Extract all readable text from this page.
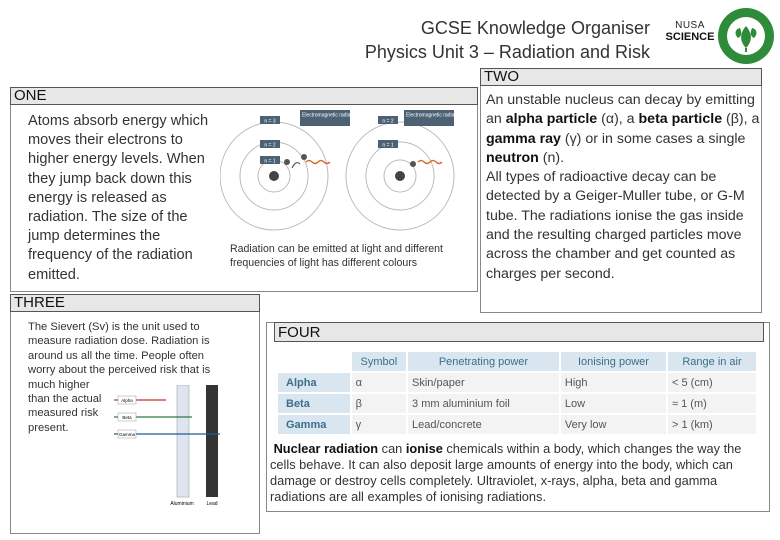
GCSE Knowledge Organiser
Physics Unit 3 – Radiation and Risk
NUSA
SCIENCE
ONE
Atoms absorb energy which moves their electrons to higher energy levels. When they jump back down this energy is released as radiation. The size of the jump determines the frequency of the radiation emitted.
n = 3
n = 2
n = 1
Electromagnetic radiation
n = 2
n = 1
Electromagnetic radiation
Radiation can be emitted at light and different frequencies of light has different colours
TWO
An unstable nucleus can decay by emitting an alpha particle (α), a beta particle (β), a gamma ray (γ) or in some cases a single neutron (n).
All types of radioactive decay can be detected by a Geiger-Muller tube, or G-M tube. The radiations ionise the gas inside and the resulting charged particles move across the chamber and get counted as charges per second.
THREE
The Sievert (Sv) is the unit used to measure radiation dose. Radiation is around us all the time. People often worry about the perceived risk that is
much higher than the actual measured risk present.
Alpha
Beta
Gamma
Aluminium	Lead
FOUR
	Symbol	Penetrating power	Ionising power	Range in air
Alpha	α	Skin/paper	High	< 5 (cm)
Beta	β	3 mm aluminium foil	Low	≈ 1 (m)
Gamma	γ	Lead/concrete	Very low	> 1 (km)
Nuclear radiation can ionise chemicals within a body, which changes the way the cells behave. It can also deposit large amounts of energy into the body, which can damage or destroy cells completely. Ultraviolet, x-rays, alpha, beta and gamma radiations are all examples of ionising radiations.
